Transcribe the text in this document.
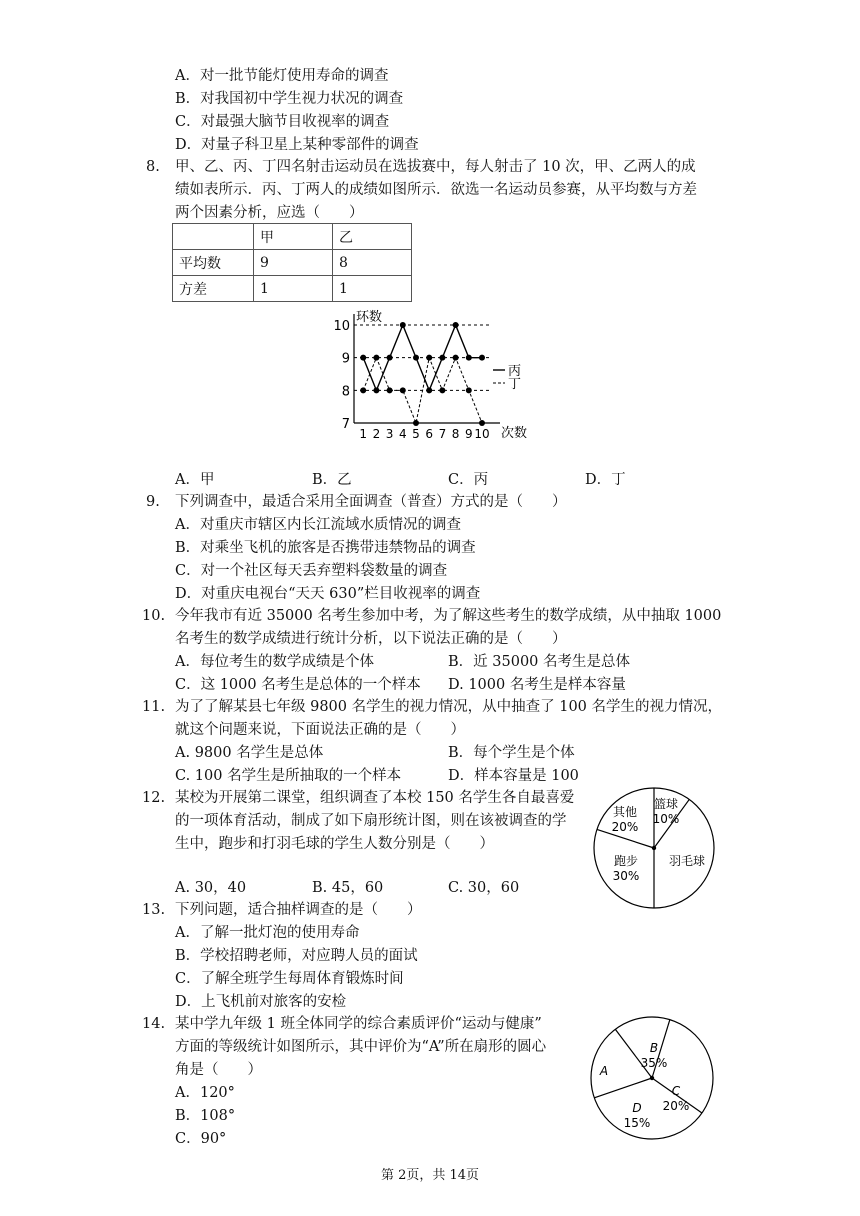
A．对一批节能灯使用寿命的调查
B．对我国初中学生视力状况的调查
C．对最强大脑节目收视率的调查
D．对量子科卫星上某种零部件的调查
8. 甲、乙、丙、丁四名射击运动员在选拔赛中，每人射击了 10 次，甲、乙两人的成
绩如表所示．丙、丁两人的成绩如图所示．欲选一名运动员参赛，从平均数与方差
两个因素分析，应选（　　）
	甲	乙
平均数	9	8
方差	1	1
7
8
9
10
环数
次数
1 2 3 4 5 6 7 8 9 10
丙
丁
A．甲	B．乙	C．丙	D．丁
9. 下列调查中，最适合采用全面调查（普查）方式的是（　　）
A．对重庆市辖区内长江流域水质情况的调查
B．对乘坐飞机的旅客是否携带违禁物品的调查
C．对一个社区每天丢弃塑料袋数量的调查
D．对重庆电视台“天天 630”栏目收视率的调查
10. 今年我市有近 35000 名考生参加中考，为了解这些考生的数学成绩，从中抽取 1000
名考生的数学成绩进行统计分析，以下说法正确的是（　　）
A．每位考生的数学成绩是个体	B．近 35000 名考生是总体
C．这 1000 名考生是总体的一个样本 D. 1000 名考生是样本容量
11. 为了了解某县七年级 9800 名学生的视力情况，从中抽查了 100 名学生的视力情况，
就这个问题来说，下面说法正确的是（　　）
A. 9800 名学生是总体	B．每个学生是个体
C. 100 名学生是所抽取的一个样本	D．样本容量是 100
12. 某校为开展第二课堂，组织调查了本校 150 名学生各自最喜爱
的一项体育活动，制成了如下扇形统计图，则在该被调查的学
生中，跑步和打羽毛球的学生人数分别是（　　）
其他
20%
篮球
10%
羽毛球
跑步
30%
A. 30，40	B. 45，60	C. 30，60
13. 下列问题，适合抽样调查的是（　　）
A．了解一批灯泡的使用寿命
B．学校招聘老师，对应聘人员的面试
C．了解全班学生每周体育锻炼时间
D．上飞机前对旅客的安检
14. 某中学九年级 1 班全体同学的综合素质评价“运动与健康”
方面的等级统计如图所示，其中评价为“A”所在扇形的圆心
角是（　　）
A．120°
B．108°
C．90°
A
B
35%
C
20%
D
15%
第 2页，共 14页
